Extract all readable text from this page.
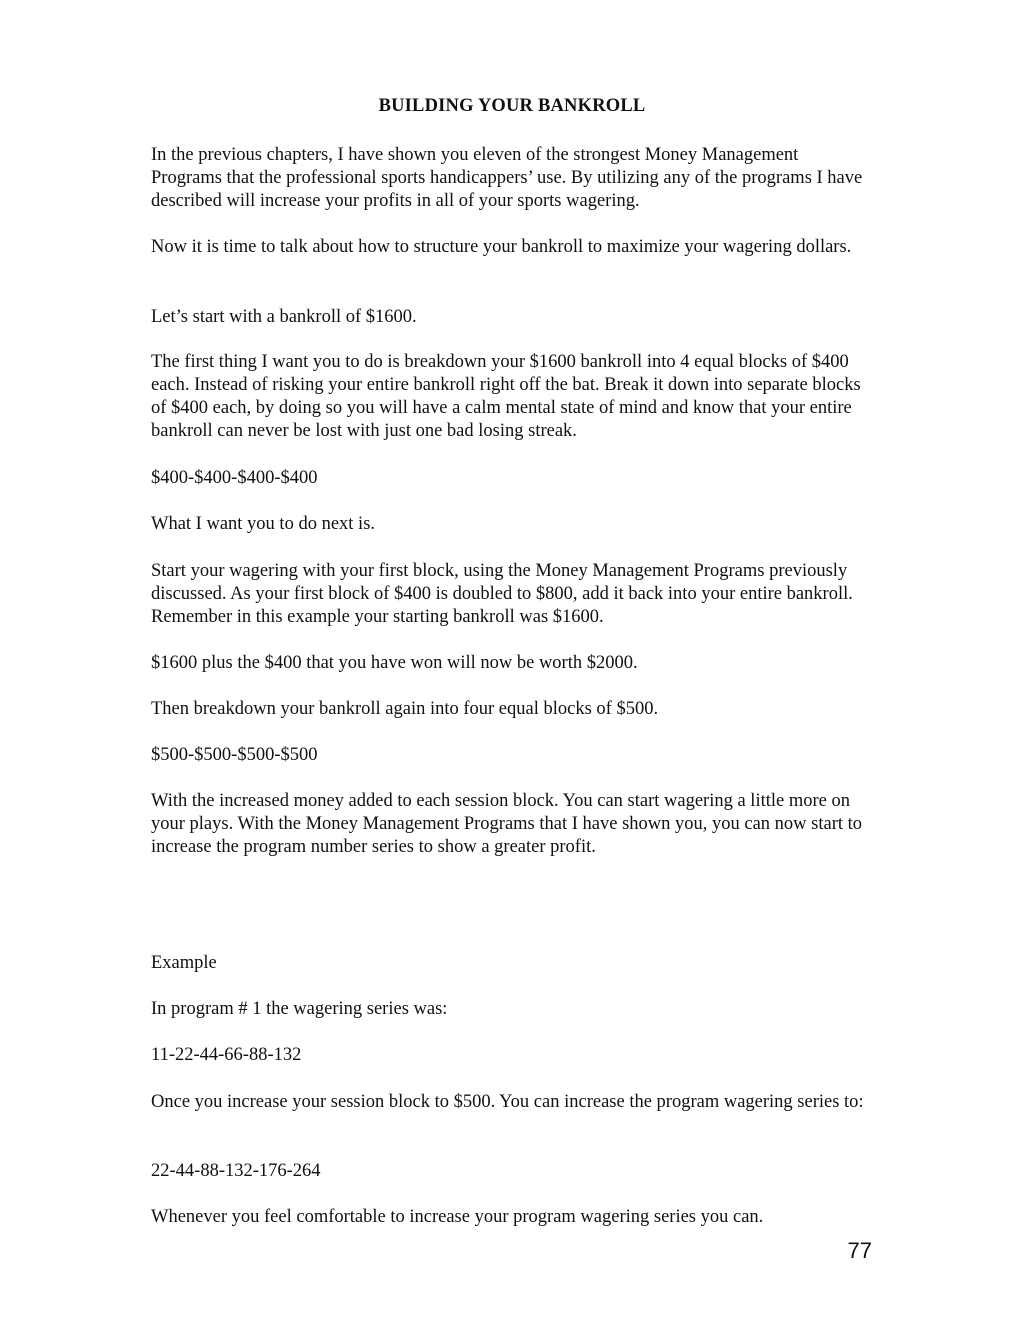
BUILDING YOUR BANKROLL

In the previous chapters, I have shown you eleven of the strongest Money Management Programs that the professional sports handicappers’ use. By utilizing any of the programs I have described will increase your profits in all of your sports wagering.

Now it is time to talk about how to structure your bankroll to maximize your wagering dollars.

Let’s start with a bankroll of $1600.

The first thing I want you to do is breakdown your $1600 bankroll into 4 equal blocks of $400 each. Instead of risking your entire bankroll right off the bat. Break it down into separate blocks of $400 each, by doing so you will have a calm mental state of mind and know that your entire bankroll can never be lost with just one bad losing streak.

$400-$400-$400-$400

What I want you to do next is.

Start your wagering with your first block, using the Money Management Programs previously discussed. As your first block of $400 is doubled to $800, add it back into your entire bankroll. Remember in this example your starting bankroll was $1600.

$1600 plus the $400 that you have won will now be worth $2000.

Then breakdown your bankroll again into four equal blocks of $500.

$500-$500-$500-$500

With the increased money added to each session block. You can start wagering a little more on your plays. With the Money Management Programs that I have shown you, you can now start to increase the program number series to show a greater profit.

Example

In program # 1 the wagering series was:

11-22-44-66-88-132

Once you increase your session block to $500. You can increase the program wagering series to:

22-44-88-132-176-264

Whenever you feel comfortable to increase your program wagering series you can.

77
